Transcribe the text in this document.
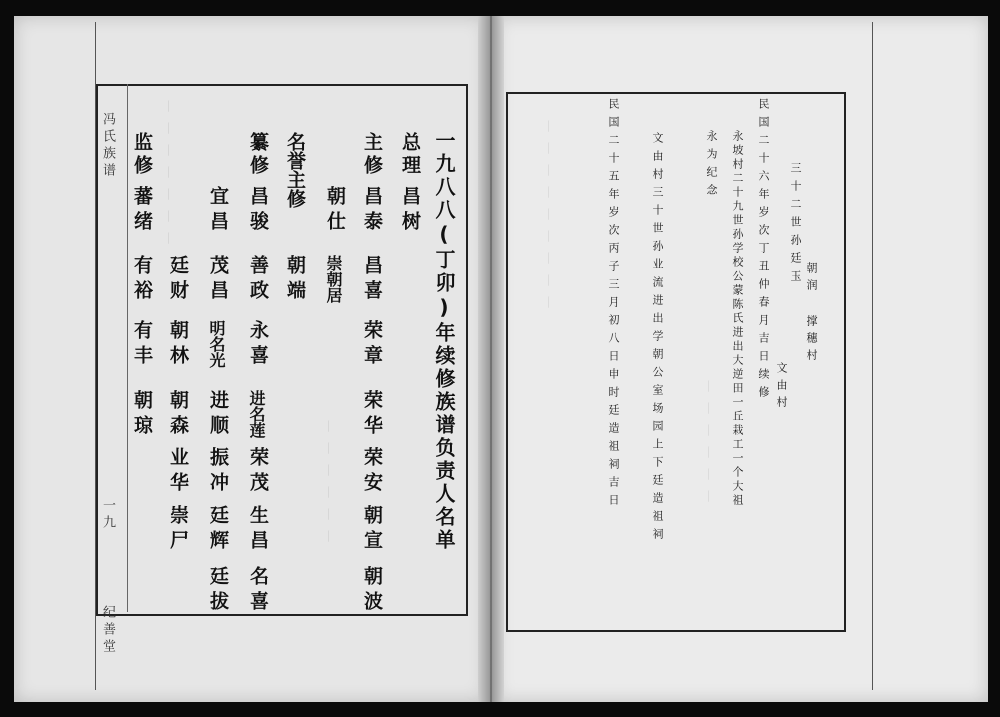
冯氏族谱
一九
纪善堂
丨丨丨丨丨丨丨
丨丨丨丨丨丨	一九八八(丁卯)年续修族谱负责人名单
总理
昌树
主修
昌泰
昌喜
荣章
荣华
荣安
朝宣
朝波
朝仕
崇朝居
名誉主修
朝端
纂修
昌骏
善政
永喜
进名莲
荣茂
生昌
名喜
宜昌
茂昌
明名光
进顺
振冲
廷辉
廷拔
廷财
朝林
朝森
业华
崇尸
监修
蕃绪
有裕
有丰
朝琼
丨丨丨丨丨丨丨丨丨
丨丨丨丨丨丨
三十二世孙廷玉
朝润 撑穗村
文由村
民国二十六年岁次丁丑仲春月吉日续修
永坡村二十九世孙学校公蒙陈氏进出大逆田一丘栽工一个大祖
永为纪念
文由村三十世孙业流进出学朝公室场园上下廷造祖祠
民国二十五年岁次丙子三月初八日申时廷造祖祠吉日
